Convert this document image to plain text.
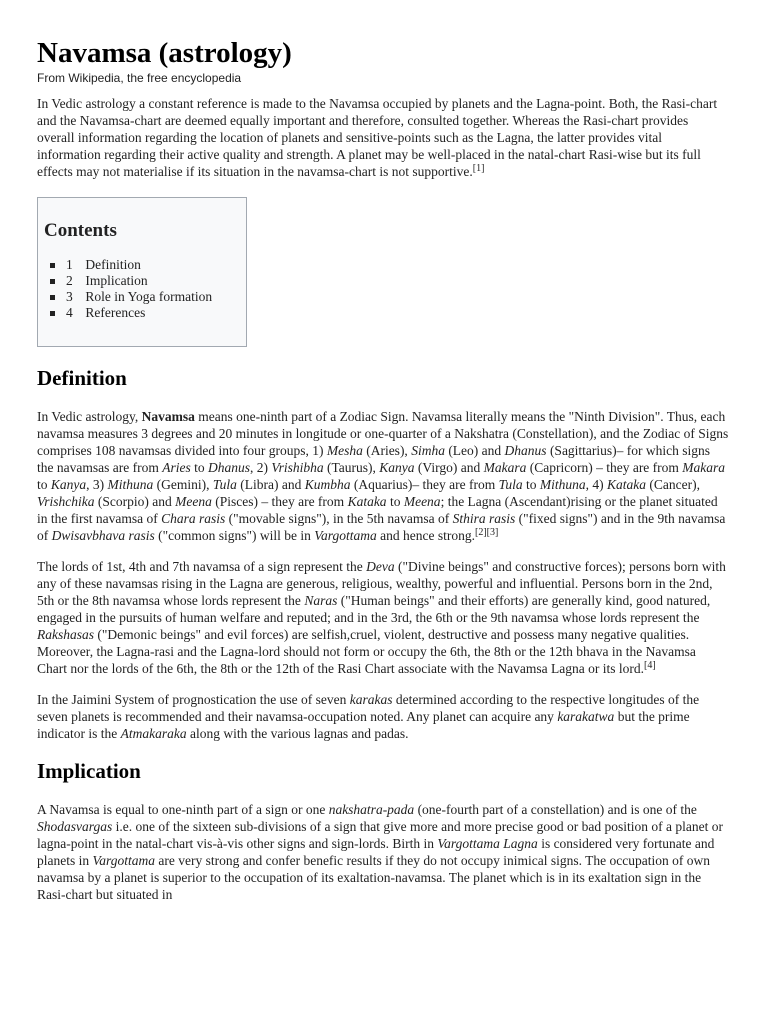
Navamsa (astrology)
From Wikipedia, the free encyclopedia

In Vedic astrology a constant reference is made to the Navamsa occupied by planets and the Lagna-point. Both, the Rasi-chart and the Navamsa-chart are deemed equally important and therefore, consulted together. Whereas the Rasi-chart provides overall information regarding the location of planets and sensitive-points such as the Lagna, the latter provides vital information regarding their active quality and strength. A planet may be well-placed in the natal-chart Rasi-wise but its full effects may not materialise if its situation in the navamsa-chart is not supportive.[1]

Contents
1 Definition
2 Implication
3 Role in Yoga formation
4 References
Definition

In Vedic astrology, Navamsa means one-ninth part of a Zodiac Sign. Navamsa literally means the "Ninth Division". Thus, each navamsa measures 3 degrees and 20 minutes in longitude or one-quarter of a Nakshatra (Constellation), and the Zodiac of Signs comprises 108 navamsas divided into four groups, 1) Mesha (Aries), Simha (Leo) and Dhanus (Sagittarius)– for which signs the navamsas are from Aries to Dhanus, 2) Vrishibha (Taurus), Kanya (Virgo) and Makara (Capricorn) – they are from Makara to Kanya, 3) Mithuna (Gemini), Tula (Libra) and Kumbha (Aquarius)– they are from Tula to Mithuna, 4) Kataka (Cancer), Vrishchika (Scorpio) and Meena (Pisces) – they are from Kataka to Meena; the Lagna (Ascendant)rising or the planet situated in the first navamsa of Chara rasis ("movable signs"), in the 5th navamsa of Sthira rasis ("fixed signs") and in the 9th navamsa of Dwisavbhava rasis ("common signs") will be in Vargottama and hence strong.[2][3]

The lords of 1st, 4th and 7th navamsa of a sign represent the Deva ("Divine beings" and constructive forces); persons born with any of these navamsas rising in the Lagna are generous, religious, wealthy, powerful and influential. Persons born in the 2nd, 5th or the 8th navamsa whose lords represent the Naras ("Human beings" and their efforts) are generally kind, good natured, engaged in the pursuits of human welfare and reputed; and in the 3rd, the 6th or the 9th navamsa whose lords represent the Rakshasas ("Demonic beings" and evil forces) are selfish,cruel, violent, destructive and possess many negative qualities. Moreover, the Lagna-rasi and the Lagna-lord should not form or occupy the 6th, the 8th or the 12th bhava in the Navamsa Chart nor the lords of the 6th, the 8th or the 12th of the Rasi Chart associate with the Navamsa Lagna or its lord.[4]

In the Jaimini System of prognostication the use of seven karakas determined according to the respective longitudes of the seven planets is recommended and their navamsa-occupation noted. Any planet can acquire any karakatwa but the prime indicator is the Atmakaraka along with the various lagnas and padas.

Implication

A Navamsa is equal to one-ninth part of a sign or one nakshatra-pada (one-fourth part of a constellation) and is one of the Shodasvargas i.e. one of the sixteen sub-divisions of a sign that give more and more precise good or bad position of a planet or lagna-point in the natal-chart vis-à-vis other signs and sign-lords. Birth in Vargottama Lagna is considered very fortunate and planets in Vargottama are very strong and confer benefic results if they do not occupy inimical signs. The occupation of own navamsa by a planet is superior to the occupation of its exaltation-navamsa. The planet which is in its exaltation sign in the Rasi-chart but situated in
